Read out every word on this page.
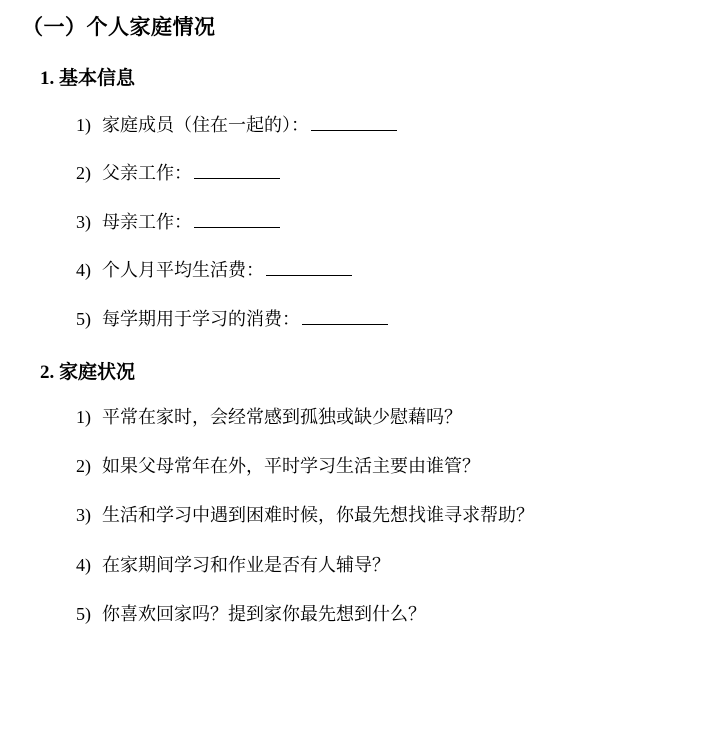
（一）个人家庭情况
1. 基本信息
1) 家庭成员（住在一起的）：
2) 父亲工作：
3) 母亲工作：
4) 个人月平均生活费：
5) 每学期用于学习的消费：
2. 家庭状况
1) 平常在家时，会经常感到孤独或缺少慰藉吗？
2) 如果父母常年在外，平时学习生活主要由谁管？
3) 生活和学习中遇到困难时候，你最先想找谁寻求帮助？
4) 在家期间学习和作业是否有人辅导？
5) 你喜欢回家吗？提到家你最先想到什么？
